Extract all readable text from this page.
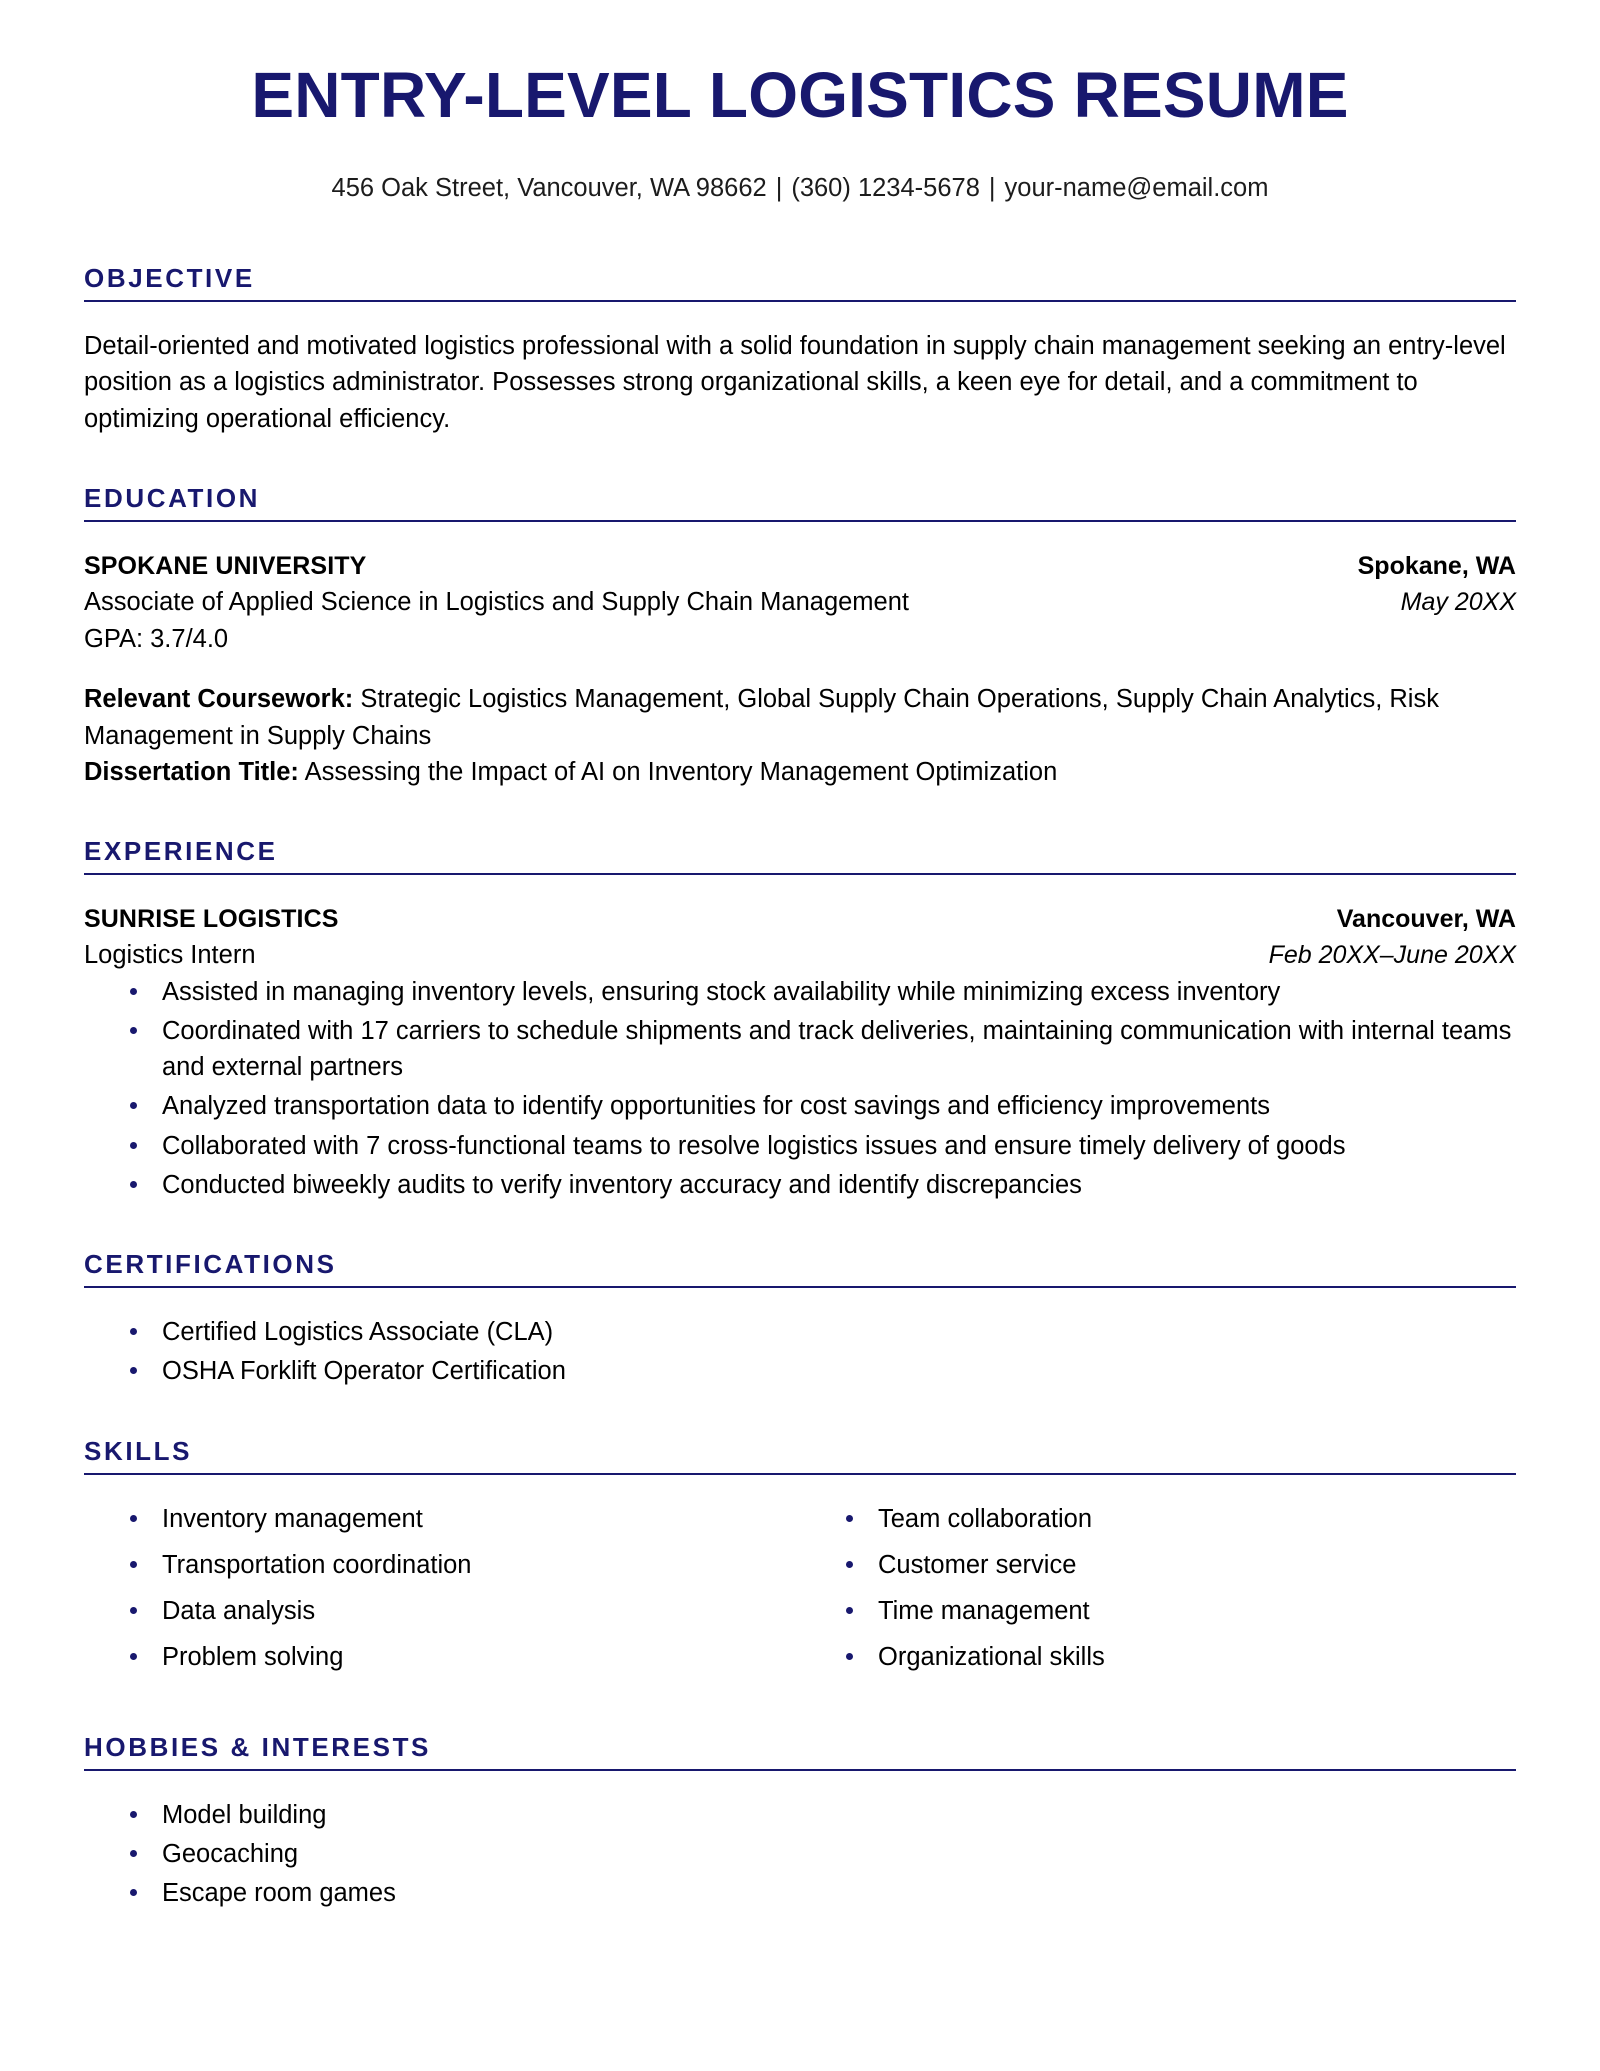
ENTRY-LEVEL LOGISTICS RESUME
456 Oak Street, Vancouver, WA 98662 | (360) 1234-5678 | your-name@email.com
OBJECTIVE

Detail-oriented and motivated logistics professional with a solid foundation in supply chain management seeking an entry-level position as a logistics administrator. Possesses strong organizational skills, a keen eye for detail, and a commitment to optimizing operational efficiency.

EDUCATION
SPOKANE UNIVERSITY	Spokane, WA
Associate of Applied Science in Logistics and Supply Chain Management	May 20XX
GPA: 3.7/4.0
Relevant Coursework: Strategic Logistics Management, Global Supply Chain Operations, Supply Chain Analytics, Risk Management in Supply Chains
Dissertation Title: Assessing the Impact of AI on Inventory Management Optimization
EXPERIENCE
SUNRISE LOGISTICS	Vancouver, WA
Logistics Intern	Feb 20XX–June 20XX
Assisted in managing inventory levels, ensuring stock availability while minimizing excess inventory
Coordinated with 17 carriers to schedule shipments and track deliveries, maintaining communication with internal teams and external partners
Analyzed transportation data to identify opportunities for cost savings and efficiency improvements
Collaborated with 7 cross-functional teams to resolve logistics issues and ensure timely delivery of goods
Conducted biweekly audits to verify inventory accuracy and identify discrepancies
CERTIFICATIONS
Certified Logistics Associate (CLA)
OSHA Forklift Operator Certification
SKILLS
Inventory management
Transportation coordination
Data analysis
Problem solving
Team collaboration
Customer service
Time management
Organizational skills
HOBBIES & INTERESTS
Model building
Geocaching
Escape room games
